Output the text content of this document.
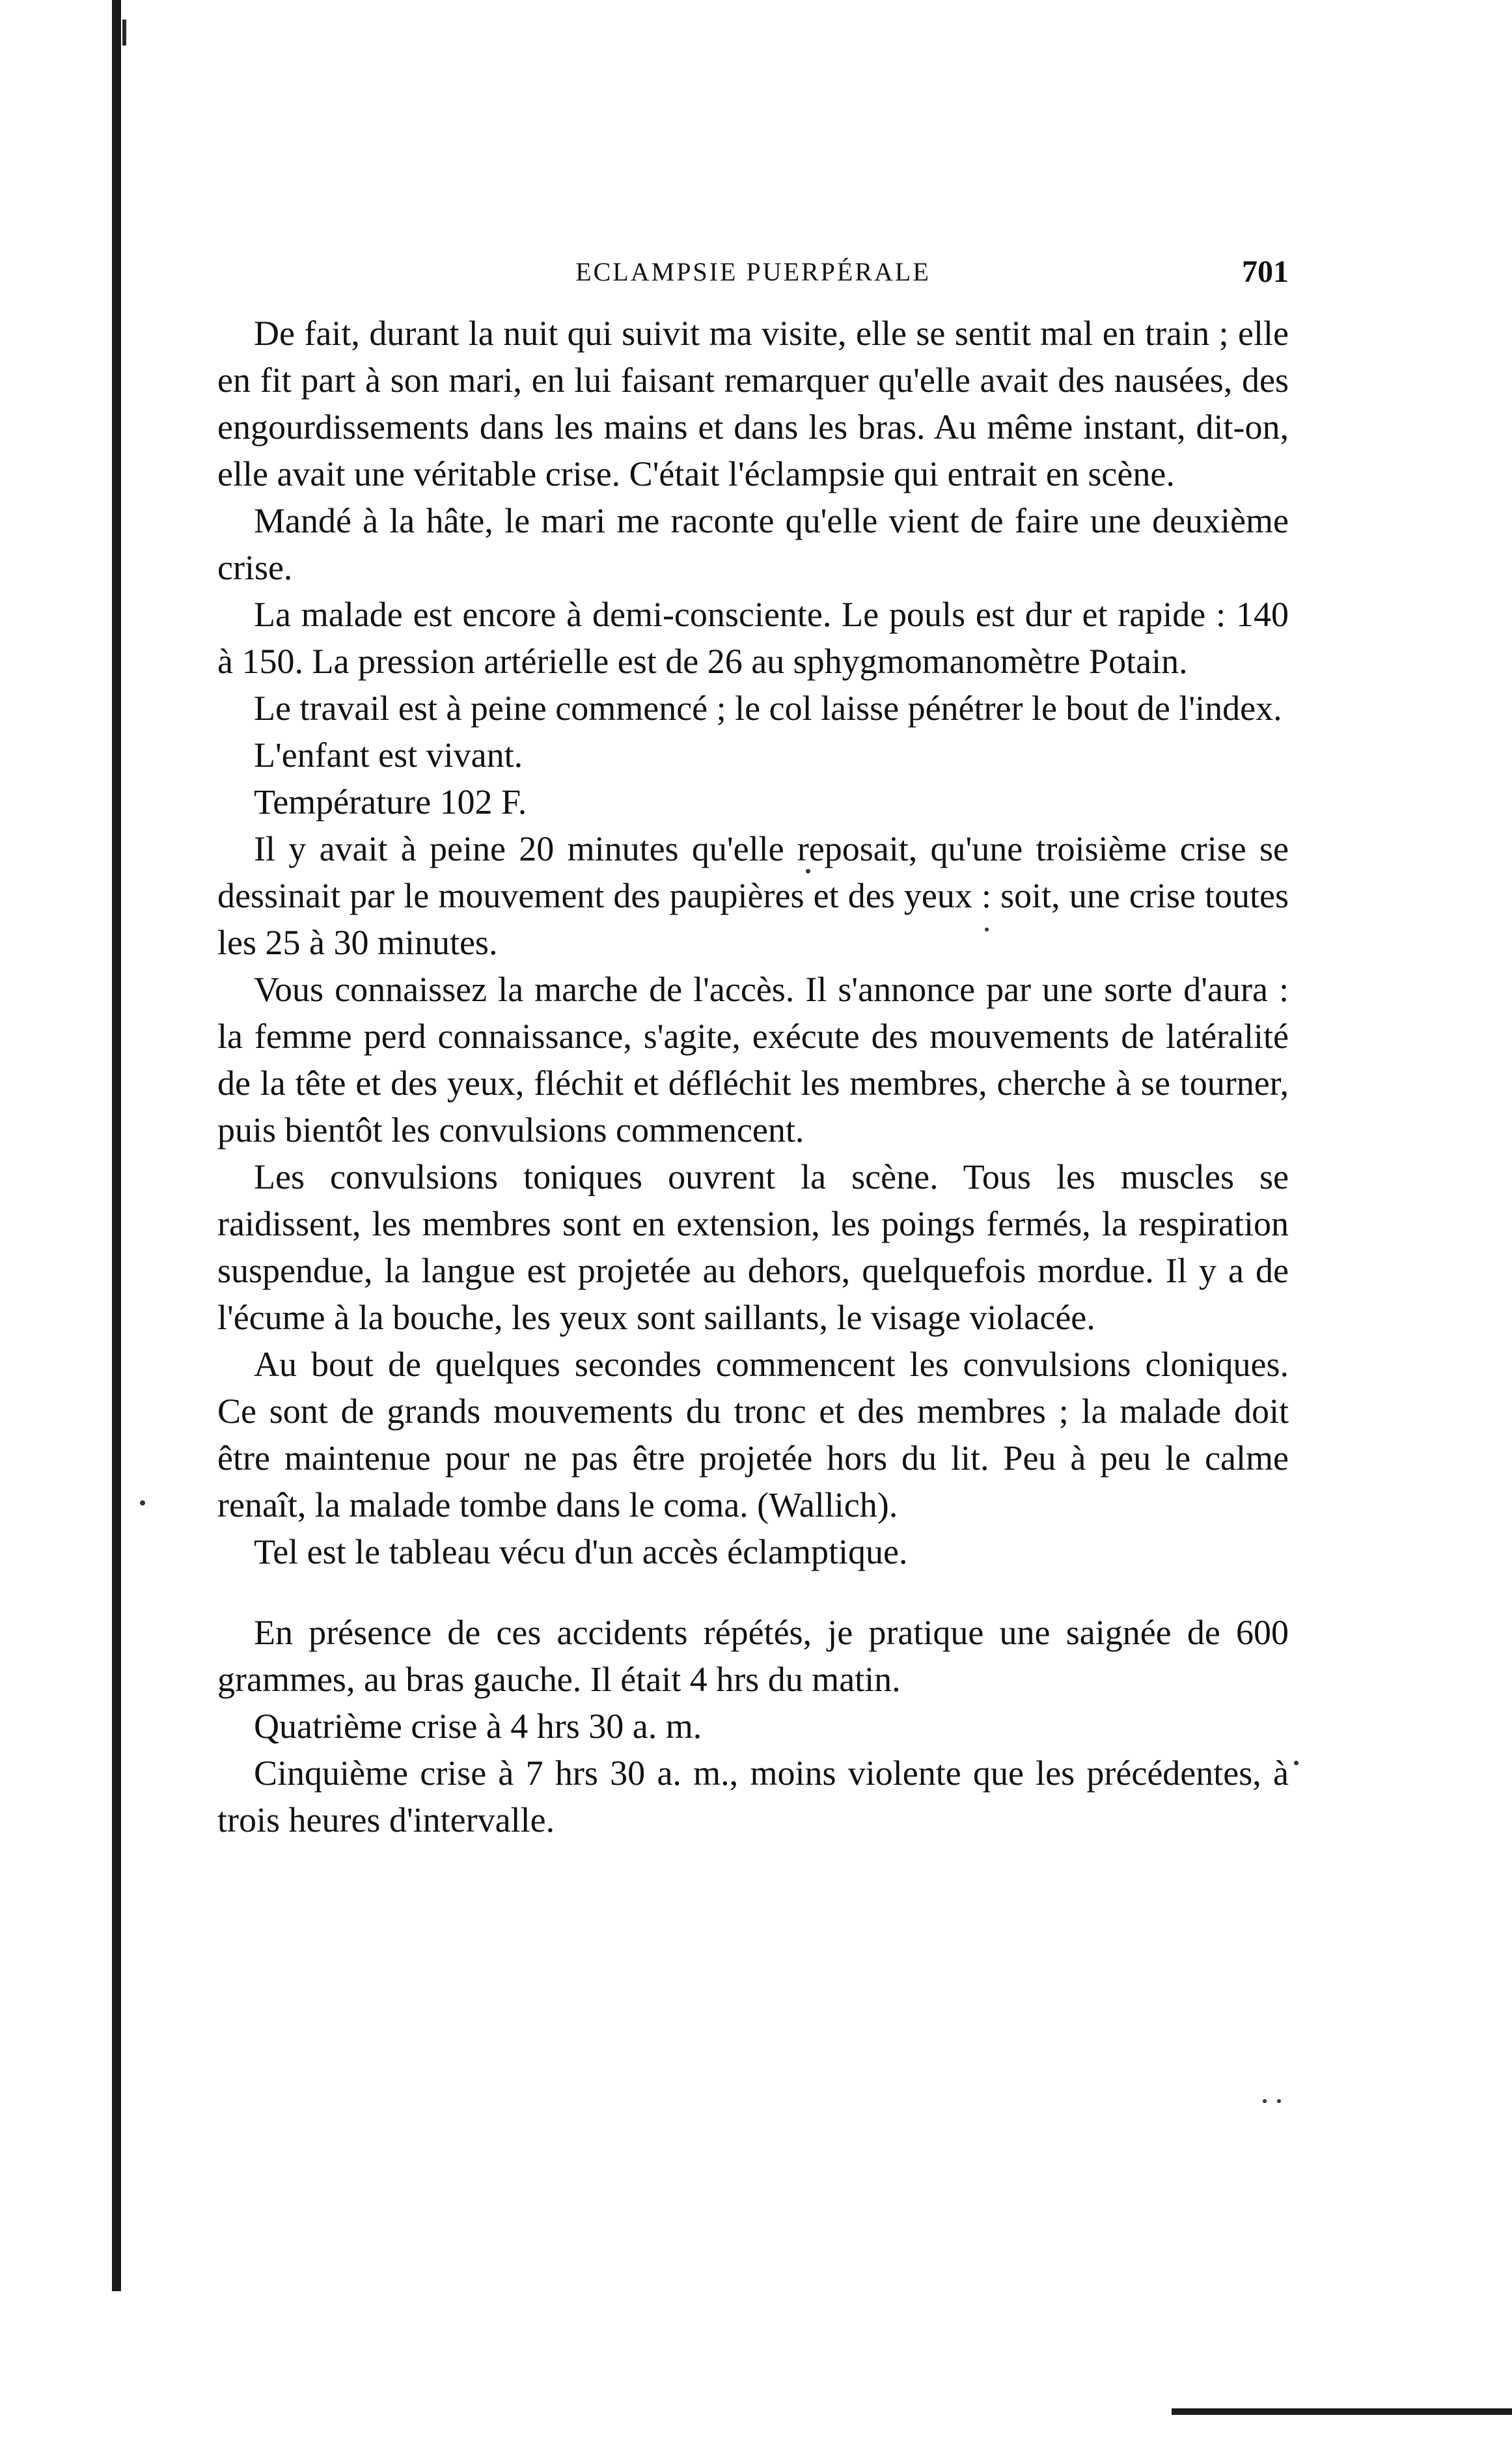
ECLAMPSIE PUERPÉRALE	701

De fait, durant la nuit qui suivit ma visite, elle se sentit mal en train ; elle en fit part à son mari, en lui faisant remarquer qu'elle avait des nausées, des engourdissements dans les mains et dans les bras. Au même instant, dit-on, elle avait une véritable crise. C'était l'éclampsie qui entrait en scène.

Mandé à la hâte, le mari me raconte qu'elle vient de faire une deuxième crise.

La malade est encore à demi-consciente. Le pouls est dur et rapide : 140 à 150. La pression artérielle est de 26 au sphygmomanomètre Potain.

Le travail est à peine commencé ; le col laisse pénétrer le bout de l'index.

L'enfant est vivant.

Température 102 F.

Il y avait à peine 20 minutes qu'elle reposait, qu'une troisième crise se dessinait par le mouvement des paupières et des yeux : soit, une crise toutes les 25 à 30 minutes.

Vous connaissez la marche de l'accès. Il s'annonce par une sorte d'aura : la femme perd connaissance, s'agite, exécute des mouvements de latéralité de la tête et des yeux, fléchit et défléchit les membres, cherche à se tourner, puis bientôt les convulsions commencent.

Les convulsions toniques ouvrent la scène. Tous les muscles se raidissent, les membres sont en extension, les poings fermés, la respiration suspendue, la langue est projetée au dehors, quelquefois mordue. Il y a de l'écume à la bouche, les yeux sont saillants, le visage violacée.

Au bout de quelques secondes commencent les convulsions cloniques. Ce sont de grands mouvements du tronc et des membres ; la malade doit être maintenue pour ne pas être projetée hors du lit. Peu à peu le calme renaît, la malade tombe dans le coma. (Wallich).

Tel est le tableau vécu d'un accès éclamptique.

En présence de ces accidents répétés, je pratique une saignée de 600 grammes, au bras gauche. Il était 4 hrs du matin.

Quatrième crise à 4 hrs 30 a. m.

Cinquième crise à 7 hrs 30 a. m., moins violente que les précédentes, à trois heures d'intervalle.
